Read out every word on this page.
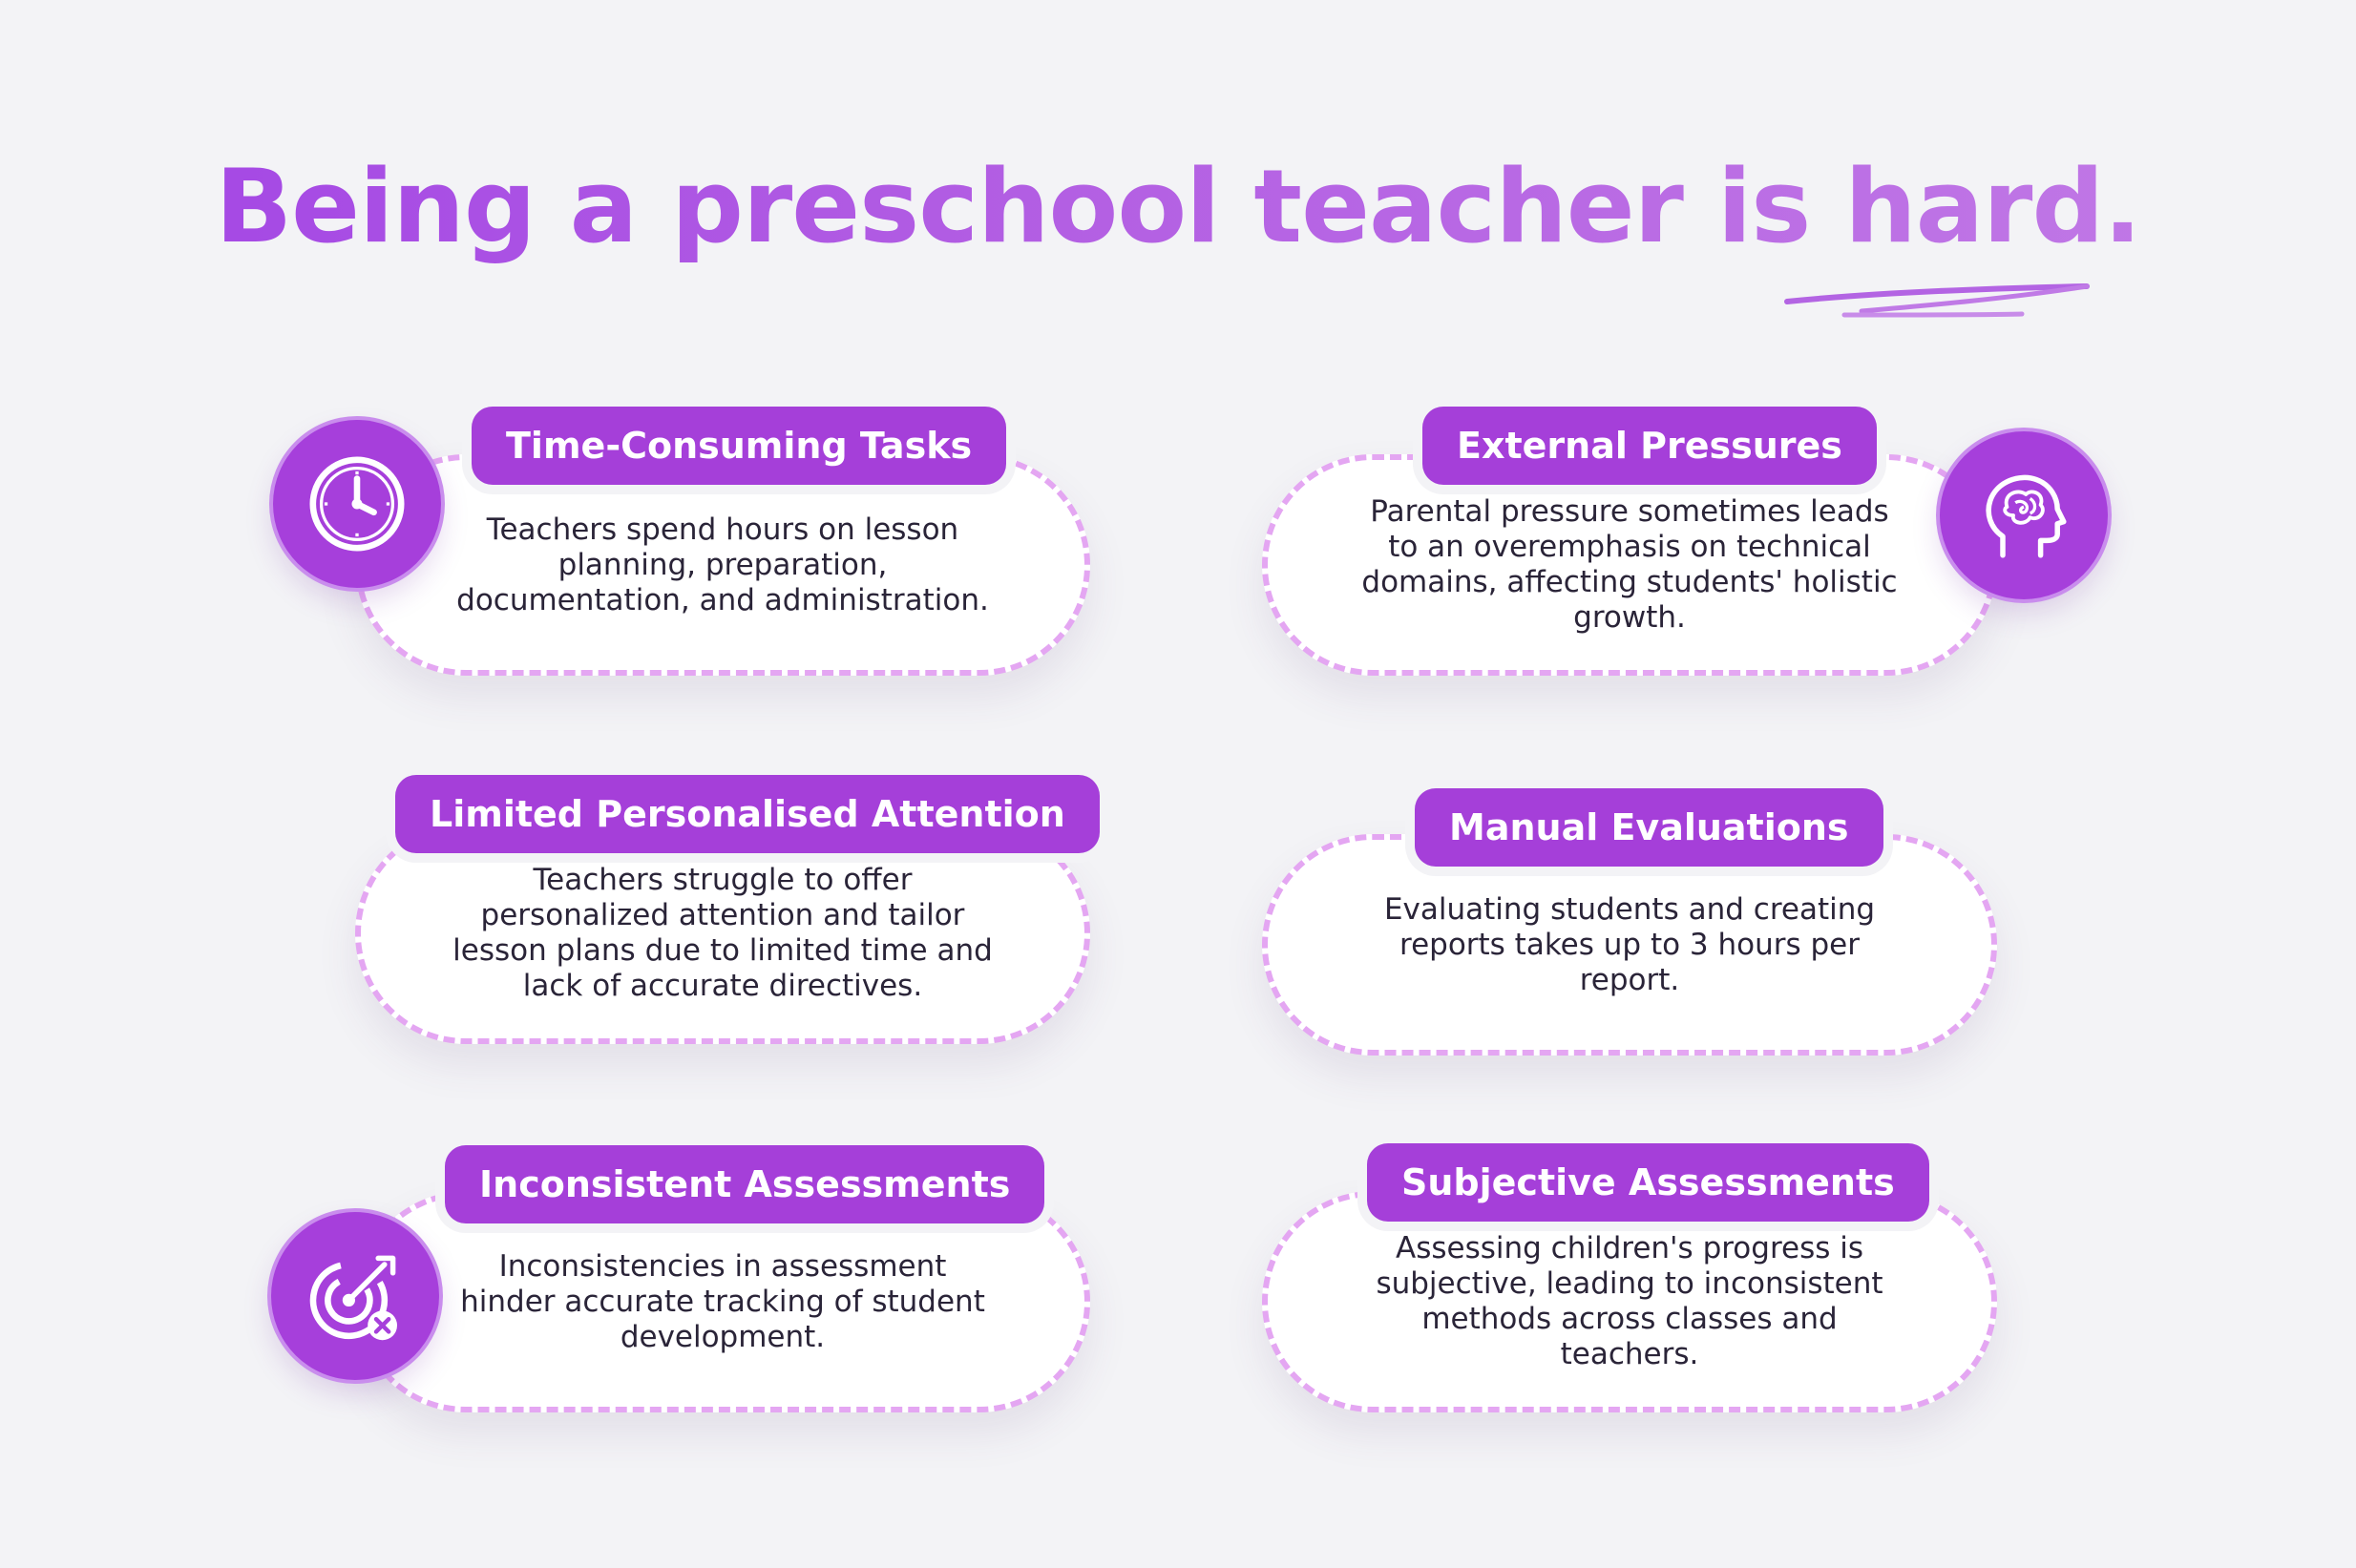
Being a preschool teacher is hard.
Teachers spend hours on lesson planning, preparation, documentation, and administration.
Time-Consuming Tasks
Parental pressure sometimes leads to an overemphasis on technical domains, affecting students' holistic growth.
External Pressures
Teachers struggle to offer personalized attention and tailor lesson plans due to limited time and lack of accurate directives.
Limited Personalised Attention
Evaluating students and creating reports takes up to 3 hours per report.
Manual Evaluations
Inconsistencies in assessment hinder accurate tracking of student development.
Inconsistent Assessments
Assessing children's progress is subjective, leading to inconsistent methods across classes and teachers.
Subjective Assessments
